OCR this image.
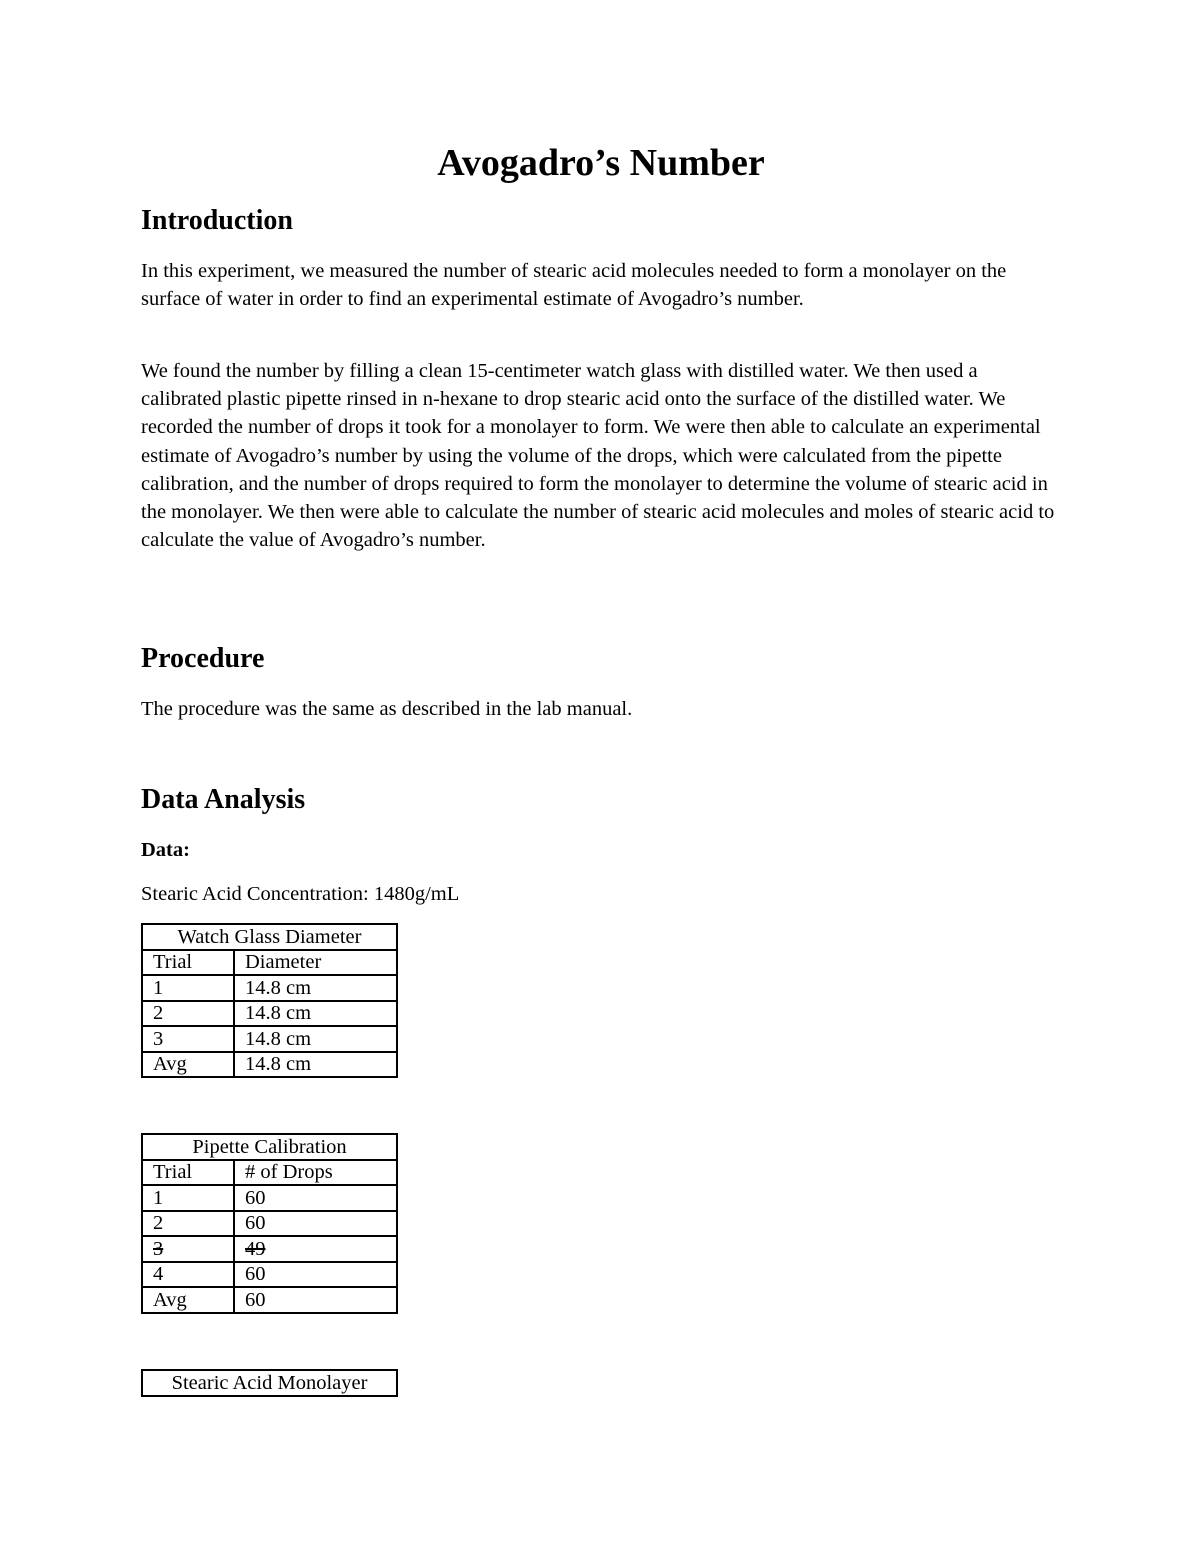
Avogadro’s Number
Introduction

In this experiment, we measured the number of stearic acid molecules needed to form a monolayer on the surface of water in order to find an experimental estimate of Avogadro’s number.

We found the number by filling a clean 15-centimeter watch glass with distilled water. We then used a calibrated plastic pipette rinsed in n-hexane to drop stearic acid onto the surface of the distilled water. We recorded the number of drops it took for a monolayer to form. We were then able to calculate an experimental estimate of Avogadro’s number by using the volume of the drops, which were calculated from the pipette calibration, and the number of drops required to form the monolayer to determine the volume of stearic acid in the monolayer. We then were able to calculate the number of stearic acid molecules and moles of stearic acid to calculate the value of Avogadro’s number.

Procedure

The procedure was the same as described in the lab manual.

Data Analysis
Data:

Stearic Acid Concentration: 1480g/mL

Watch Glass Diameter	
Trial	Diameter
1	14.8 cm
2	14.8 cm
3	14.8 cm
Avg	14.8 cm
Pipette Calibration	
Trial	# of Drops
1	60
2	60
3	49
4	60
Avg	60
Stearic Acid Monolayer
